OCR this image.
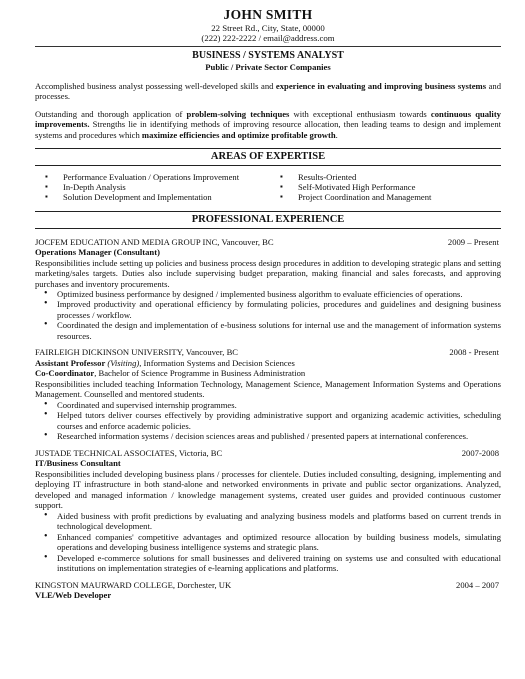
JOHN SMITH
22 Street Rd., City, State, 00000
(222) 222-2222 / email@address.com
BUSINESS / SYSTEMS ANALYST
Public / Private Sector Companies

Accomplished business analyst possessing well-developed skills and experience in evaluating and improving business systems and processes.

Outstanding and thorough application of problem-solving techniques with exceptional enthusiasm towards continuous quality improvements. Strengths lie in identifying methods of improving resource allocation, then leading teams to design and implement systems and procedures which maximize efficiencies and optimize profitable growth.

AREAS OF EXPERTISE
▪ Performance Evaluation / Operations Improvement
▪ In-Depth Analysis
▪ Solution Development and Implementation
▪ Results-Oriented
▪ Self-Motivated High Performance
▪ Project Coordination and Management
PROFESSIONAL EXPERIENCE
JOCFEM EDUCATION AND MEDIA GROUP INC, Vancouver, BC	2009 – Present
Operations Manager (Consultant)

Responsibilities include setting up policies and business process design procedures in addition to developing strategic plans and setting marketing/sales targets. Duties also include supervising budget preparation, making financial and sales forecasts, and approving purchases and inventory procurements.

• Optimized business performance by designed / implemented business algorithm to evaluate efficiencies of operations.
• Improved productivity and operational efficiency by formulating policies, procedures and guidelines and designing business processes / workflow.
• Coordinated the design and implementation of e-business solutions for internal use and the management of information systems resources.
FAIRLEIGH DICKINSON UNIVERSITY, Vancouver, BC	2008 - Present
Assistant Professor (Visiting), Information Systems and Decision Sciences
Co-Coordinator, Bachelor of Science Programme in Business Administration

Responsibilities included teaching Information Technology, Management Science, Management Information Systems and Operations Management. Counselled and mentored students.

• Coordinated and supervised internship programmes.
• Helped tutors deliver courses effectively by providing administrative support and organizing academic activities, scheduling courses and enforce academic policies.
• Researched information systems / decision sciences areas and published / presented papers at international conferences.
JUSTADE TECHNICAL ASSOCIATES, Victoria, BC	2007-2008
IT/Business Consultant

Responsibilities included developing business plans / processes for clientele. Duties included consulting, designing, implementing and deploying IT infrastructure in both stand-alone and networked environments in private and public sector organizations. Analyzed, developed and managed information / knowledge management systems, created user guides and provided continuous customer support.

• Aided business with profit predictions by evaluating and analyzing business models and platforms based on current trends in technological development.
• Enhanced companies' competitive advantages and optimized resource allocation by building business models, simulating operations and developing business intelligence systems and strategic plans.
• Developed e-commerce solutions for small businesses and delivered training on systems use and consulted with educational institutions on implementation strategies of e-learning applications and platforms.
KINGSTON MAURWARD COLLEGE, Dorchester, UK	2004 – 2007
VLE/Web Developer
